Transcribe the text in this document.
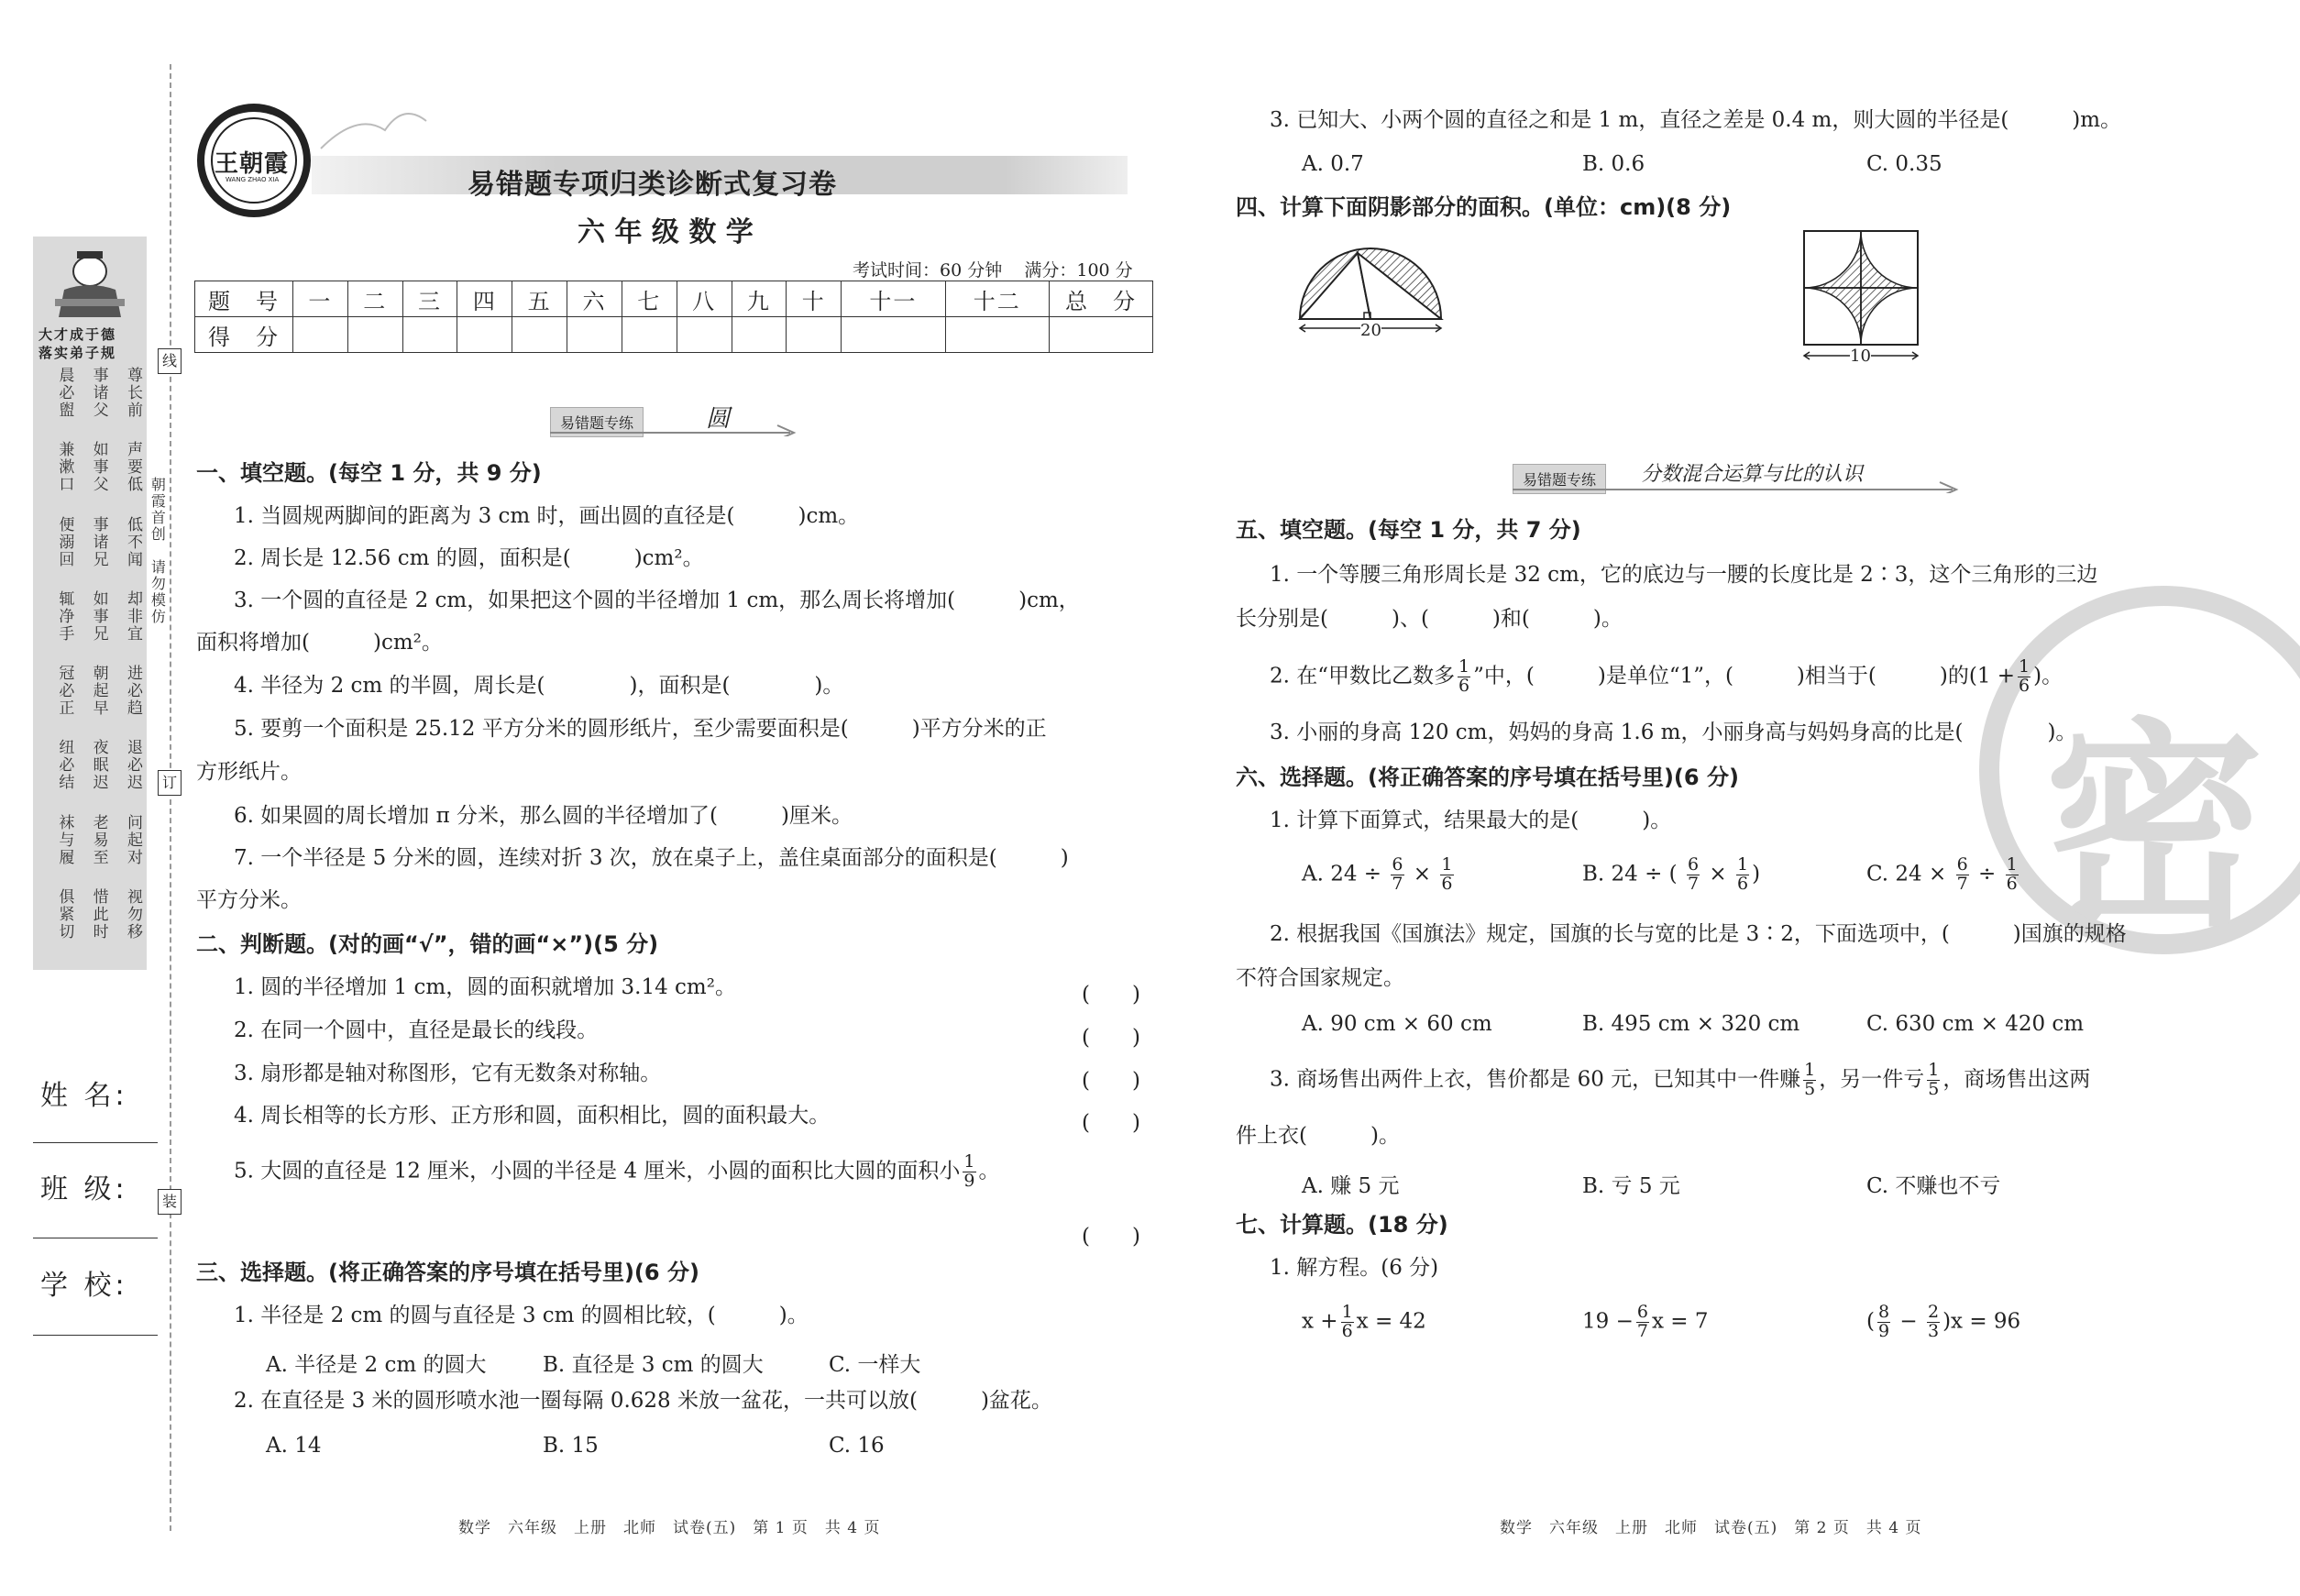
大才成于德
落实弟子规
晨必盥	事诸父	尊长前
兼漱口	如事父	声要低
便溺回	事诸兄	低不闻
辄净手	如事兄	却非宜
冠必正	朝起早	进必趋
纽必结	夜眠迟	退必迟
袜与履	老易至	问起对
俱紧切	惜此时	视勿移
朝霞首创　请勿模仿
线
订
装
姓 名:
班 级:
学 校:
王朝霞
WANG ZHAO XIA	易错题专项归类诊断式复习卷
六 年 级 数 学
考试时间：60 分钟    满分：100 分
题　号	一	二	三	四	五	六	七	八	九	十	十一	十二	总　分
得　分													
易错题专练	圆
一、填空题。(每空 1 分，共 9 分)
1. 当圆规两脚间的距离为 3 cm 时，画出圆的直径是(　　　)cm。
2. 周长是 12.56 cm 的圆，面积是(　　　)cm²。
3. 一个圆的直径是 2 cm，如果把这个圆的半径增加 1 cm，那么周长将增加(　　　)cm，
面积将增加(　　　)cm²。
4. 半径为 2 cm 的半圆，周长是(　　　　)，面积是(　　　　)。
5. 要剪一个面积是 25.12 平方分米的圆形纸片，至少需要面积是(　　　)平方分米的正
方形纸片。
6. 如果圆的周长增加 π 分米，那么圆的半径增加了(　　　)厘米。
7. 一个半径是 5 分米的圆，连续对折 3 次，放在桌子上，盖住桌面部分的面积是(　　　)
平方分米。
二、判断题。(对的画“√”，错的画“×”)(5 分)
1. 圆的半径增加 1 cm，圆的面积就增加 3.14 cm²。	(　　)
2. 在同一个圆中，直径是最长的线段。	(　　)
3. 扇形都是轴对称图形，它有无数条对称轴。	(　　)
4. 周长相等的长方形、正方形和圆，面积相比，圆的面积最大。	(　　)
5. 大圆的直径是 12 厘米，小圆的半径是 4 厘米，小圆的面积比大圆的面积小 $\frac{1}{9}$ 。
(　　)
三、选择题。(将正确答案的序号填在括号里)(6 分)
1. 半径是 2 cm 的圆与直径是 3 cm 的圆相比较，(　　　)。
A. 半径是 2 cm 的圆大	B. 直径是 3 cm 的圆大	C. 一样大
2. 在直径是 3 米的圆形喷水池一圈每隔 0.628 米放一盆花，一共可以放(　　　)盆花。
A. 14	B. 15	C. 16
数学　六年级　上册　北师　试卷(五)　第 1 页　共 4 页
密
3. 已知大、小两个圆的直径之和是 1 m，直径之差是 0.4 m，则大圆的半径是(　　　)m。
A. 0.7	B. 0.6	C. 0.35
四、计算下面阴影部分的面积。(单位：cm)(8 分)
20
10
易错题专练	分数混合运算与比的认识
五、填空题。(每空 1 分，共 7 分)
1. 一个等腰三角形周长是 32 cm，它的底边与一腰的长度比是 2∶3，这个三角形的三边
长分别是(　　　)、(　　　)和(　　　)。
2. 在“甲数比乙数多 $\frac{1}{6}$ ”中，(　　　)是单位“1”，(　　　)相当于(　　　)的($1 + \frac{1}{6}$ )。
3. 小丽的身高 120 cm，妈妈的身高 1.6 m，小丽身高与妈妈身高的比是(　　　　)。
六、选择题。(将正确答案的序号填在括号里)(6 分)
1. 计算下面算式，结果最大的是(　　　)。
A. $24 \div \frac{6}{7} \times \frac{1}{6}$	B. 24 ÷ ( $\frac{6}{7} \times \frac{1}{6}$ )	C. $24 \times \frac{6}{7} \div \frac{1}{6}$
2. 根据我国《国旗法》规定，国旗的长与宽的比是 3∶2，下面选项中，(　　　)国旗的规格
不符合国家规定。
A. 90 cm × 60 cm	B. 495 cm × 320 cm	C. 630 cm × 420 cm
3. 商场售出两件上衣，售价都是 60 元，已知其中一件赚 $\frac{1}{5}$ ，另一件亏 $\frac{1}{5}$ ，商场售出这两
件上衣(　　　)。
A. 赚 5 元	B. 亏 5 元	C. 不赚也不亏
七、计算题。(18 分)
1. 解方程。(6 分)
$x + \frac{1}{6}$ x = 42	$19 - \frac{6}{7}$ x = 7	( $\frac{8}{9} - \frac{2}{3} )x = 96$
数学　六年级　上册　北师　试卷(五)　第 2 页　共 4 页
